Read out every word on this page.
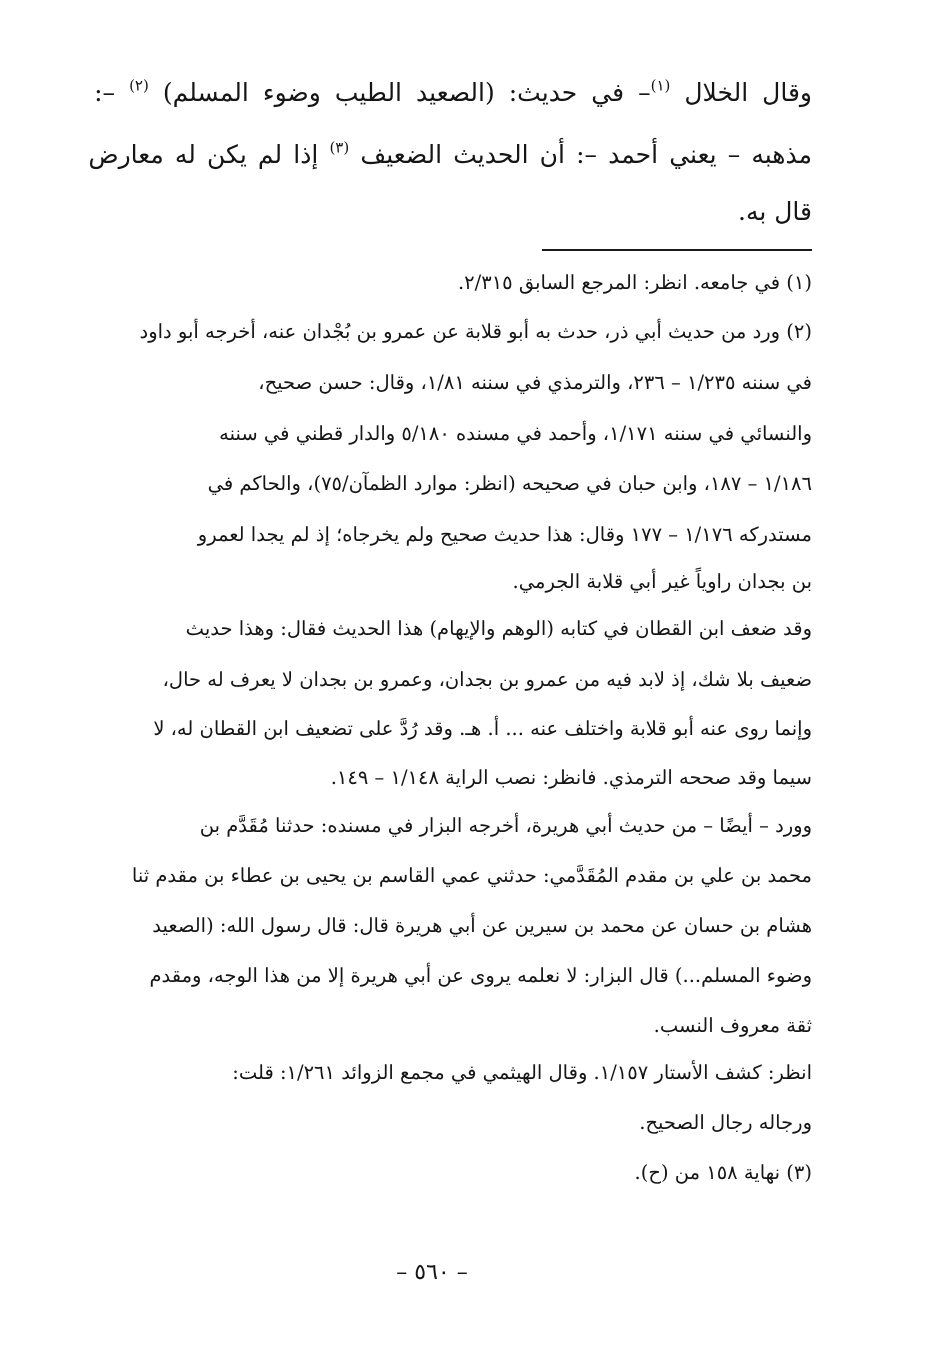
وقال الخلال $^{(١)}$– في حديث: (الصعيد الطيب وضوء المسلم) $^{(٢)}$ –:
مذهبه – يعني أحمد –: أن الحديث الضعيف $^{(٣)}$ إذا لم يكن له معارض
قال به.
(١) في جامعه. انظر: المرجع السابق ٢/٣١٥.
(٢) ورد من حديث أبي ذر، حدث به أبو قلابة عن عمرو بن بُجْدان عنه، أخرجه أبو داود
في سننه ١/٢٣٥ – ٢٣٦، والترمذي في سننه ١/٨١، وقال: حسن صحيح،
والنسائي في سننه ١/١٧١، وأحمد في مسنده ٥/١٨٠ والدار قطني في سننه
١/١٨٦ – ١٨٧، وابن حبان في صحيحه (انظر: موارد الظمآن/٧٥)، والحاكم في
مستدركه ١/١٧٦ – ١٧٧ وقال: هذا حديث صحيح ولم يخرجاه؛ إذ لم يجدا لعمرو
بن بجدان راوياً غير أبي قلابة الجرمي.
وقد ضعف ابن القطان في كتابه (الوهم والإيهام) هذا الحديث فقال: وهذا حديث
ضعيف بلا شك، إذ لابد فيه من عمرو بن بجدان، وعمرو بن بجدان لا يعرف له حال،
وإنما روى عنه أبو قلابة واختلف عنه ... أ. هـ. وقد رُدَّ على تضعيف ابن القطان له، لا
سيما وقد صححه الترمذي. فانظر: نصب الراية ١/١٤٨ – ١٤٩.
وورد – أيضًا – من حديث أبي هريرة، أخرجه البزار في مسنده: حدثنا مُقَدَّم بن
محمد بن علي بن مقدم المُقَدَّمي: حدثني عمي القاسم بن يحيى بن عطاء بن مقدم ثنا
هشام بن حسان عن محمد بن سيرين عن أبي هريرة قال: قال رسول الله: (الصعيد
وضوء المسلم...) قال البزار: لا نعلمه يروى عن أبي هريرة إلا من هذا الوجه، ومقدم
ثقة معروف النسب.
انظر: كشف الأستار ١/١٥٧. وقال الهيثمي في مجمع الزوائد ١/٢٦١: قلت:
ورجاله رجال الصحيح.
(٣) نهاية ١٥٨ من (ح).
– ٥٦٠ –
